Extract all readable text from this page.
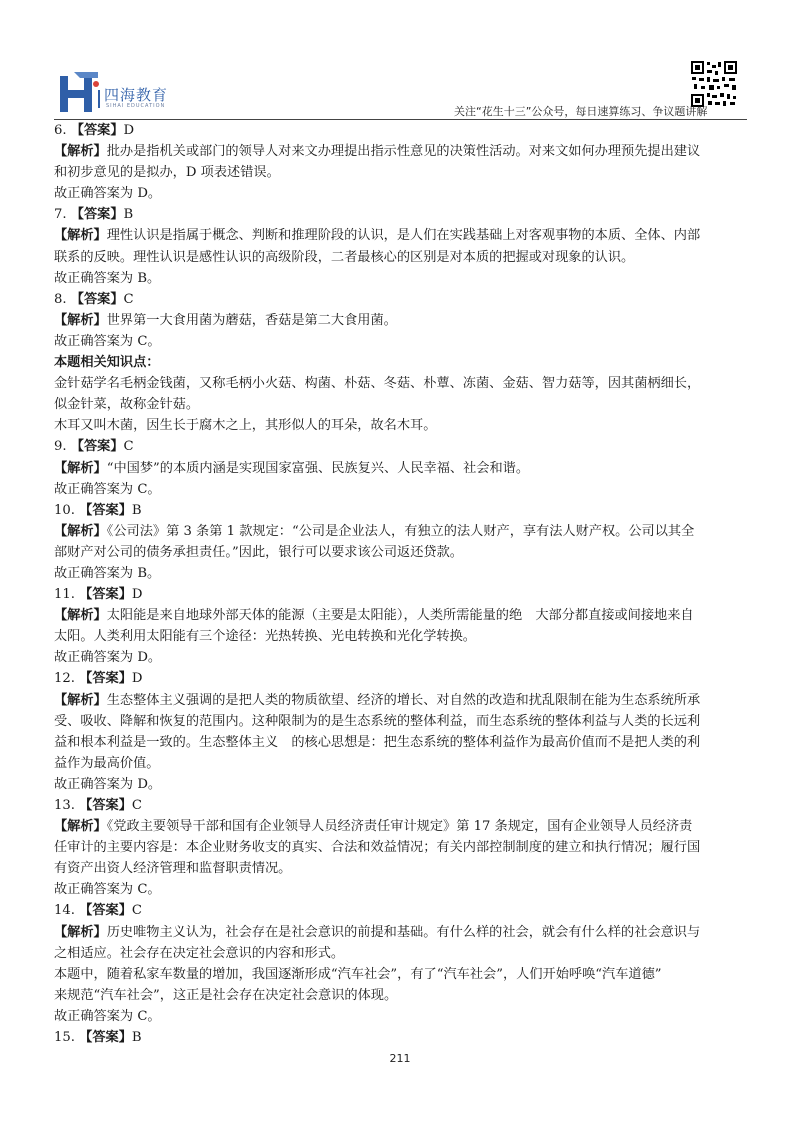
四海教育
SIHAI EDUCATION	关注“花生十三”公众号，每日速算练习、争议题讲解
6. 【答案】D
【解析】批办是指机关或部门的领导人对来文办理提出指示性意见的决策性活动。对来文如何办理预先提出建议
和初步意见的是拟办，D 项表述错误。
故正确答案为 D。
7. 【答案】B
【解析】理性认识是指属于概念、判断和推理阶段的认识，是人们在实践基础上对客观事物的本质、全体、内部
联系的反映。理性认识是感性认识的高级阶段，二者最核心的区别是对本质的把握或对现象的认识。
故正确答案为 B。
8. 【答案】C
【解析】世界第一大食用菌为蘑菇，香菇是第二大食用菌。
故正确答案为 C。
本题相关知识点：
金针菇学名毛柄金钱菌，又称毛柄小火菇、构菌、朴菇、冬菇、朴蕈、冻菌、金菇、智力菇等，因其菌柄细长，
似金针菜，故称金针菇。
木耳又叫木菌，因生长于腐木之上，其形似人的耳朵，故名木耳。
9. 【答案】C
【解析】“中国梦”的本质内涵是实现国家富强、民族复兴、人民幸福、社会和谐。
故正确答案为 C。
10. 【答案】B
【解析】《公司法》第 3 条第 1 款规定：“公司是企业法人，有独立的法人财产，享有法人财产权。公司以其全
部财产对公司的债务承担责任。”因此，银行可以要求该公司返还贷款。
故正确答案为 B。
11. 【答案】D
【解析】太阳能是来自地球外部天体的能源（主要是太阳能），人类所需能量的绝　大部分都直接或间接地来自
太阳。人类利用太阳能有三个途径：光热转换、光电转换和光化学转换。
故正确答案为 D。
12. 【答案】D
【解析】生态整体主义强调的是把人类的物质欲望、经济的增长、对自然的改造和扰乱限制在能为生态系统所承
受、吸收、降解和恢复的范围内。这种限制为的是生态系统的整体利益，而生态系统的整体利益与人类的长远利
益和根本利益是一致的。生态整体主义　的核心思想是：把生态系统的整体利益作为最高价值而不是把人类的利
益作为最高价值。
故正确答案为 D。
13. 【答案】C
【解析】《党政主要领导干部和国有企业领导人员经济责任审计规定》第 17 条规定，国有企业领导人员经济责
任审计的主要内容是：本企业财务收支的真实、合法和效益情况；有关内部控制制度的建立和执行情况；履行国
有资产出资人经济管理和监督职责情况。
故正确答案为 C。
14. 【答案】C
【解析】历史唯物主义认为，社会存在是社会意识的前提和基础。有什么样的社会，就会有什么样的社会意识与
之相适应。社会存在决定社会意识的内容和形式。
本题中，随着私家车数量的增加，我国逐渐形成“汽车社会”，有了“汽车社会”，人们开始呼唤“汽车道德”
来规范“汽车社会”，这正是社会存在决定社会意识的体现。
故正确答案为 C。
15. 【答案】B
211
